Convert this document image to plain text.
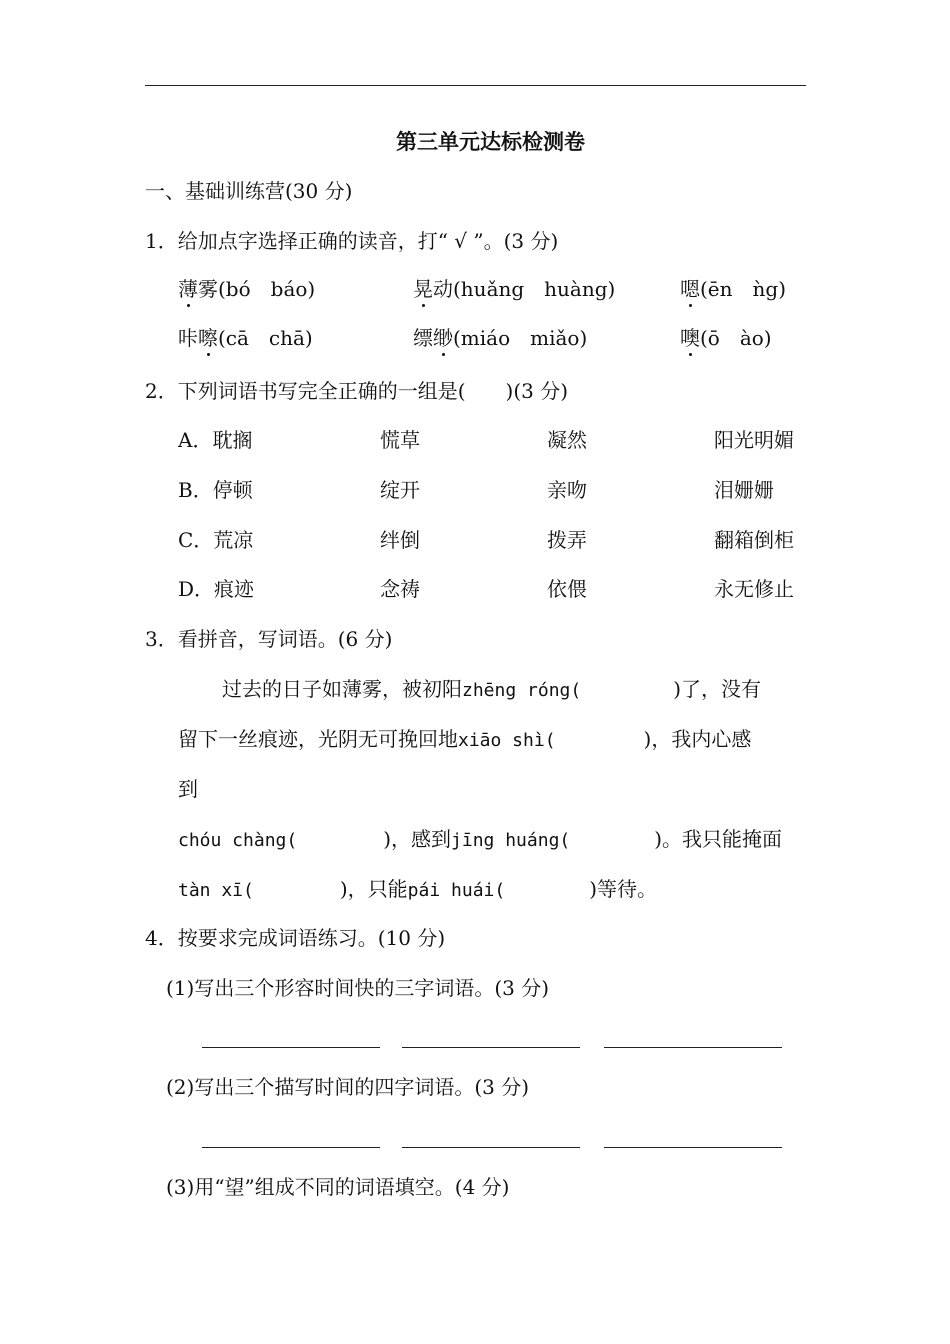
第三单元达标检测卷
一、基础训练营(30 分)
1．给加点字选择正确的读音，打“ √ ”。(3 分)
薄雾(bó　báo)	晃动(huǎng　huàng)	嗯(ēn　ǹg)
咔嚓(cā　chā)	缥缈(miáo　miǎo)	噢(ō　ào)
2．下列词语书写完全正确的一组是(　　)(3 分)
A．耽搁	慌草	凝然	阳光明媚
B．停顿	绽开	亲吻	泪姗姗
C．荒凉	绊倒	拨弄	翻箱倒柜
D．痕迹	念祷	依偎	永无修止
3．看拼音，写词语。(6 分)
过去的日子如薄雾，被初阳zhēng róng(	)了，没有
留下一丝痕迹，光阴无可挽回地xiāo shì(	)，我内心感
到
chóu chàng(	)，感到jīng huáng(	)。我只能掩面
tàn xī(	)，只能pái huái(	)等待。
4．按要求完成词语练习。(10 分)
(1)写出三个形容时间快的三字词语。(3 分)
(2)写出三个描写时间的四字词语。(3 分)
(3)用“望”组成不同的词语填空。(4 分)
